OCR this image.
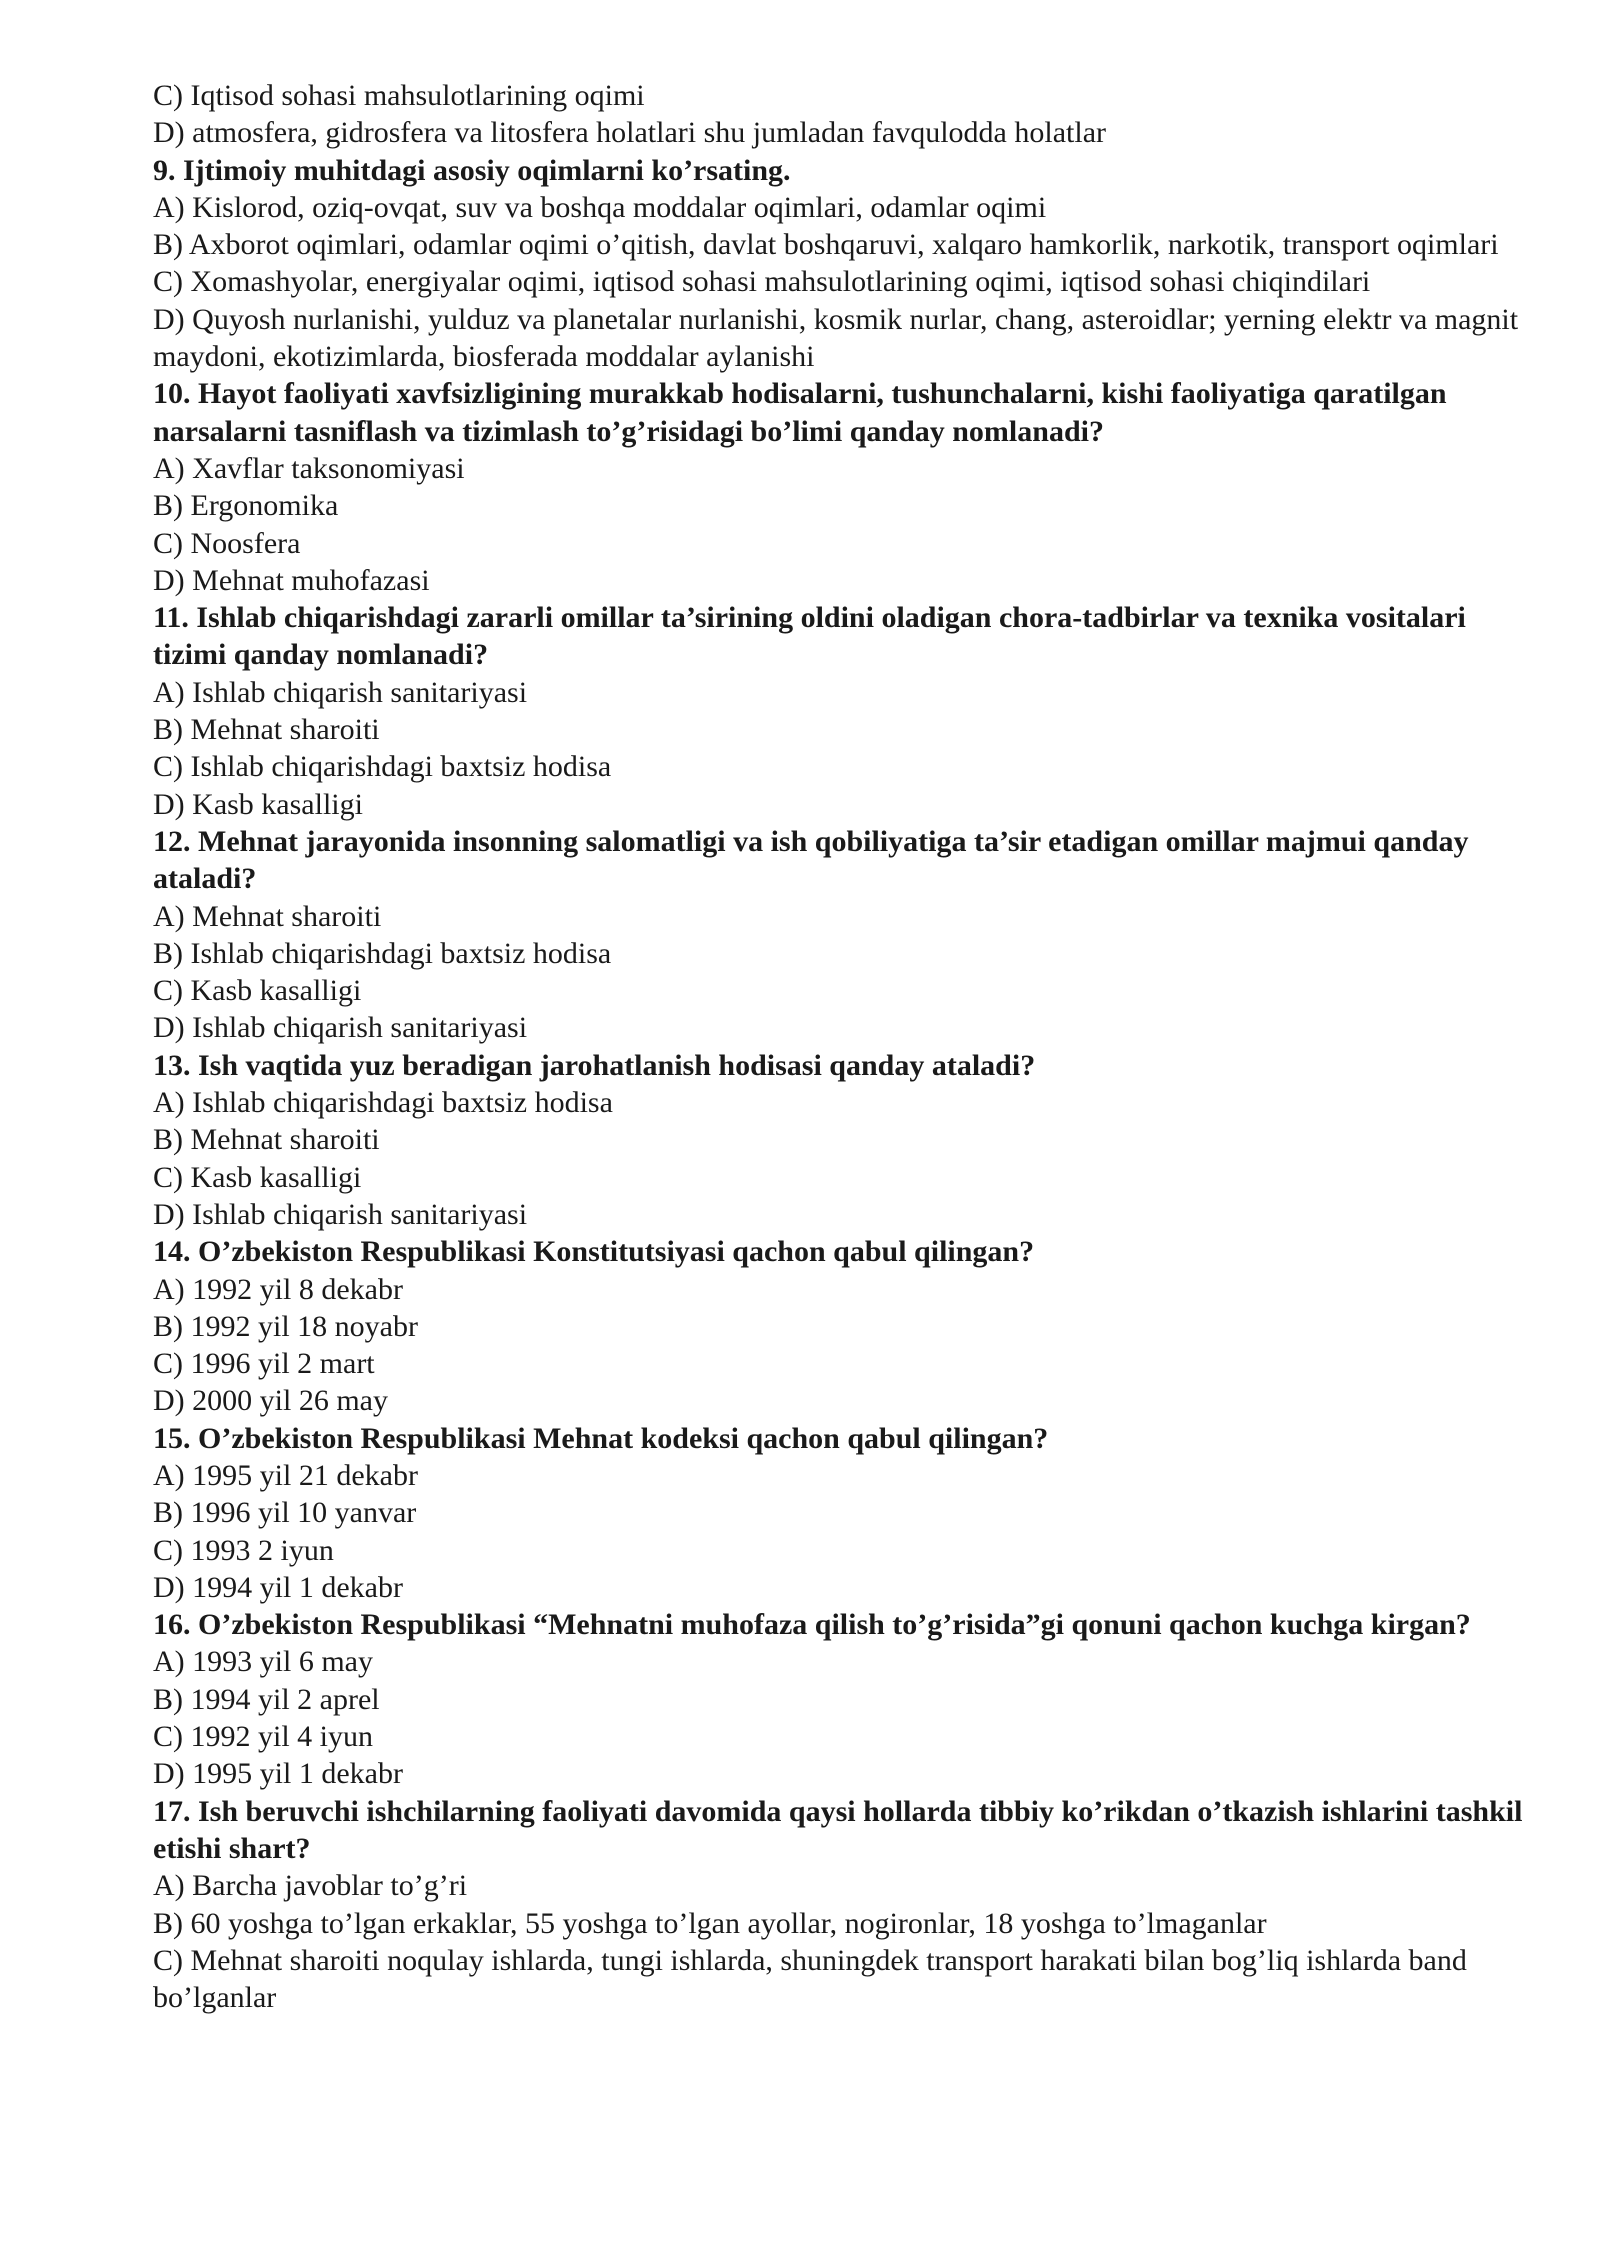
C) Iqtisod sohasi mahsulotlarining oqimi

D) atmosfera, gidrosfera va litosfera holatlari shu jumladan favqulodda holatlar

9. Ijtimoiy muhitdagi asosiy oqimlarni ko’rsating.

A) Kislorod, oziq-ovqat, suv va boshqa moddalar oqimlari, odamlar oqimi

B) Axborot oqimlari, odamlar oqimi o’qitish, davlat boshqaruvi, xalqaro hamkorlik, narkotik, transport oqimlari

C) Xomashyolar, energiyalar oqimi, iqtisod sohasi mahsulotlarining oqimi, iqtisod sohasi chiqindilari

D) Quyosh nurlanishi, yulduz va planetalar nurlanishi, kosmik nurlar, chang, asteroidlar; yerning elektr va magnit maydoni, ekotizimlarda, biosferada moddalar aylanishi

10. Hayot faoliyati xavfsizligining murakkab hodisalarni, tushunchalarni, kishi faoliyatiga qaratilgan narsalarni tasniflash va tizimlash to’g’risidagi bo’limi qanday nomlanadi?

A) Xavflar taksonomiyasi

B) Ergonomika

C) Noosfera

D) Mehnat muhofazasi

11. Ishlab chiqarishdagi zararli omillar ta’sirining oldini oladigan chora-tadbirlar va texnika vositalari tizimi qanday nomlanadi?

A) Ishlab chiqarish sanitariyasi

B) Mehnat sharoiti

C) Ishlab chiqarishdagi baxtsiz hodisa

D) Kasb kasalligi

12. Mehnat jarayonida insonning salomatligi va ish qobiliyatiga ta’sir etadigan omillar majmui qanday ataladi?

A) Mehnat sharoiti

B) Ishlab chiqarishdagi baxtsiz hodisa

C) Kasb kasalligi

D) Ishlab chiqarish sanitariyasi

13. Ish vaqtida yuz beradigan jarohatlanish hodisasi qanday ataladi?

A) Ishlab chiqarishdagi baxtsiz hodisa

B) Mehnat sharoiti

C) Kasb kasalligi

D) Ishlab chiqarish sanitariyasi

14. O’zbekiston Respublikasi Konstitutsiyasi qachon qabul qilingan?

A) 1992 yil 8 dekabr

B) 1992 yil 18 noyabr

C) 1996 yil 2 mart

D) 2000 yil 26 may

15. O’zbekiston Respublikasi Mehnat kodeksi qachon qabul qilingan?

A) 1995 yil 21 dekabr

B) 1996 yil 10 yanvar

C) 1993 2 iyun

D) 1994 yil 1 dekabr

16. O’zbekiston Respublikasi “Mehnatni muhofaza qilish to’g’risida”gi qonuni qachon kuchga kirgan?

A) 1993 yil 6 may

B) 1994 yil 2 aprel

C) 1992 yil 4 iyun

D) 1995 yil 1 dekabr

17. Ish beruvchi ishchilarning faoliyati davomida qaysi hollarda tibbiy ko’rikdan o’tkazish ishlarini tashkil etishi shart?

A) Barcha javoblar to’g’ri

B) 60 yoshga to’lgan erkaklar, 55 yoshga to’lgan ayollar, nogironlar, 18 yoshga to’lmaganlar

C) Mehnat sharoiti noqulay ishlarda, tungi ishlarda, shuningdek transport harakati bilan bog’liq ishlarda band bo’lganlar
